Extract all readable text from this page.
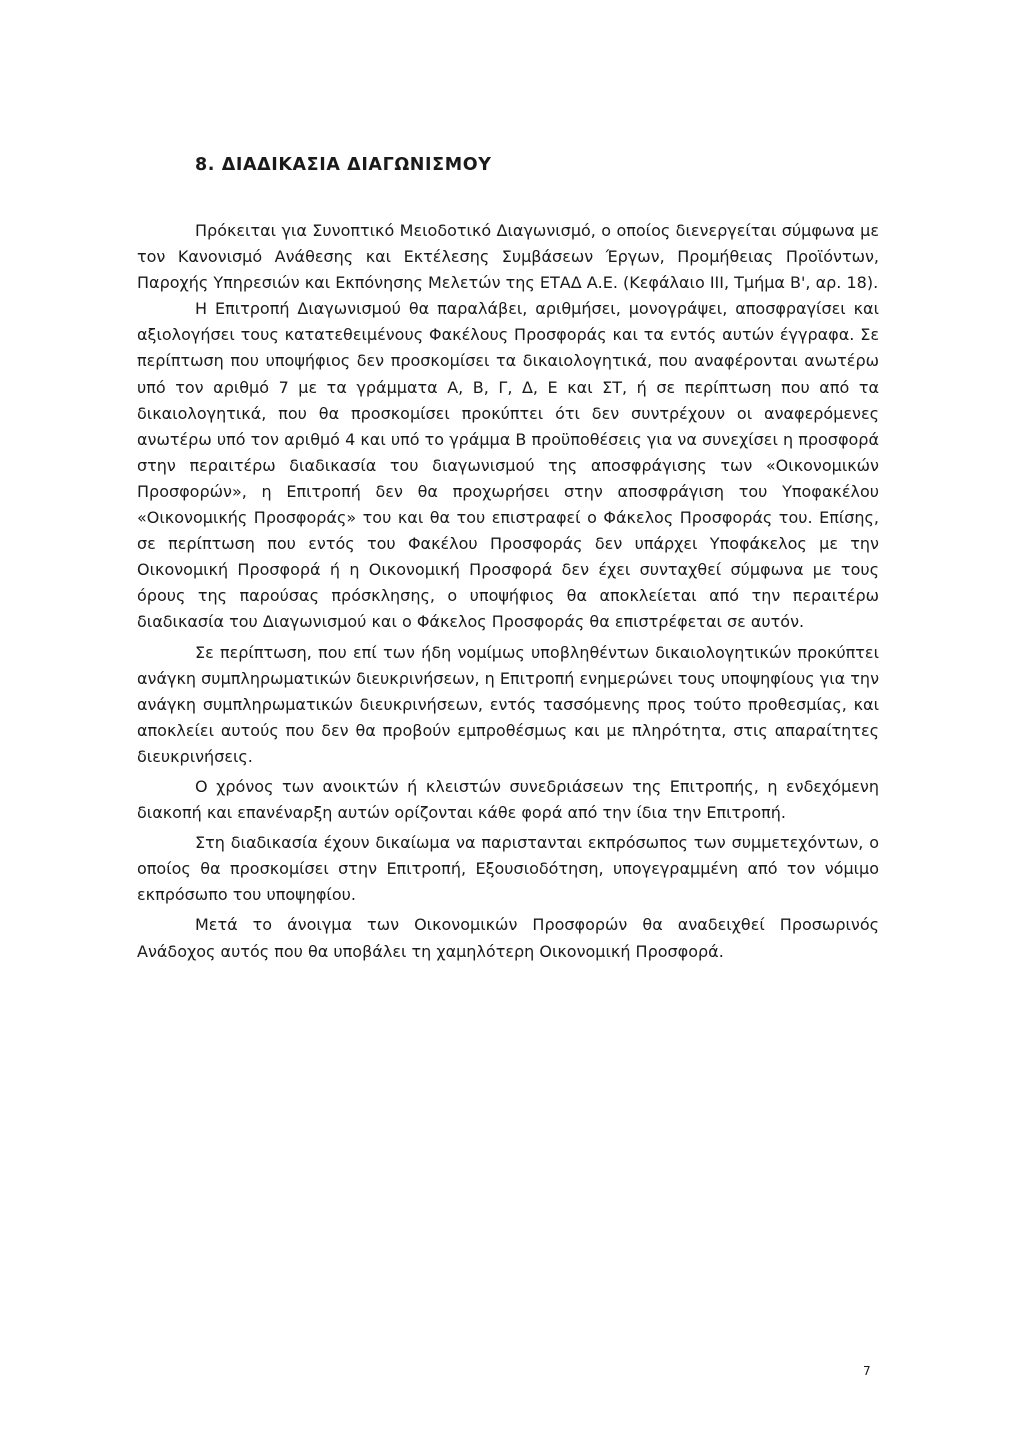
8. ΔΙΑΔΙΚΑΣΙΑ ΔΙΑΓΩΝΙΣΜΟΥ

Πρόκειται για Συνοπτικό Μειοδοτικό Διαγωνισμό, ο οποίος διενεργείται σύμφωνα με τον Κανονισμό Ανάθεσης και Εκτέλεσης Συμβάσεων Έργων, Προμήθειας Προϊόντων, Παροχής Υπηρεσιών και Εκπόνησης Μελετών της ΕΤΑΔ Α.Ε. (Κεφάλαιο ΙΙΙ, Τμήμα Β', αρ. 18).

Η Επιτροπή Διαγωνισμού θα παραλάβει, αριθμήσει, μονογράψει, αποσφραγίσει και αξιολογήσει τους κατατεθειμένους Φακέλους Προσφοράς και τα εντός αυτών έγγραφα. Σε περίπτωση που υποψήφιος δεν προσκομίσει τα δικαιολογητικά, που αναφέρονται ανωτέρω υπό τον αριθμό 7 με τα γράμματα Α, Β, Γ, Δ, Ε και ΣΤ, ή σε περίπτωση που από τα δικαιολογητικά, που θα προσκομίσει προκύπτει ότι δεν συντρέχουν οι αναφερόμενες ανωτέρω υπό τον αριθμό 4 και υπό το γράμμα Β προϋποθέσεις για να συνεχίσει η προσφορά στην περαιτέρω διαδικασία του διαγωνισμού της αποσφράγισης των «Οικονομικών Προσφορών», η Επιτροπή δεν θα προχωρήσει στην αποσφράγιση του Υποφακέλου «Οικονομικής Προσφοράς» του και θα του επιστραφεί ο Φάκελος Προσφοράς του. Επίσης, σε περίπτωση που εντός του Φακέλου Προσφοράς δεν υπάρχει Υποφάκελος με την Οικονομική Προσφορά ή η Οικονομική Προσφορά δεν έχει συνταχθεί σύμφωνα με τους όρους της παρούσας πρόσκλησης, ο υποψήφιος θα αποκλείεται από την περαιτέρω διαδικασία του Διαγωνισμού και ο Φάκελος Προσφοράς θα επιστρέφεται σε αυτόν.

Σε περίπτωση, που επί των ήδη νομίμως υποβληθέντων δικαιολογητικών προκύπτει ανάγκη συμπληρωματικών διευκρινήσεων, η Επιτροπή ενημερώνει τους υποψηφίους για την ανάγκη συμπληρωματικών διευκρινήσεων, εντός τασσόμενης προς τούτο προθεσμίας, και αποκλείει αυτούς που δεν θα προβούν εμπροθέσμως και με πληρότητα, στις απαραίτητες διευκρινήσεις.

Ο χρόνος των ανοικτών ή κλειστών συνεδριάσεων της Επιτροπής, η ενδεχόμενη διακοπή και επανέναρξη αυτών ορίζονται κάθε φορά από την ίδια την Επιτροπή.

Στη διαδικασία έχουν δικαίωμα να παριστανται εκπρόσωπος των συμμετεχόντων, ο οποίος θα προσκομίσει στην Επιτροπή, Εξουσιοδότηση, υπογεγραμμένη από τον νόμιμο εκπρόσωπο του υποψηφίου.

Μετά το άνοιγμα των Οικονομικών Προσφορών θα αναδειχθεί Προσωρινός Ανάδοχος αυτός που θα υποβάλει τη χαμηλότερη Οικονομική Προσφορά.

7
